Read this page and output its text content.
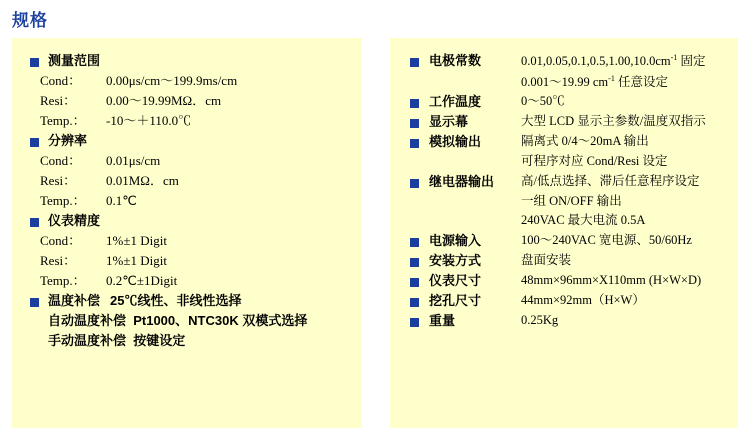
规格
测量范围
Cond：	0.00μs/cm～199.9ms/cm
Resi：	0.00～19.99MΩ．cm
Temp.：	-10～＋110.0℃
分辨率
Cond：	0.01μs/cm
Resi：	0.01MΩ．cm
Temp.：	0.1℃
仪表精度
Cond：	1%±1 Digit
Resi：	1%±1 Digit
Temp.：	0.2℃±1Digit
温度补偿 25℃线性、非线性选择
自动温度补偿  Pt1000、NTC30K 双模式选择
手动温度补偿  按键设定
电极常数	$0.01,0.05,0.1,0.5,1.00,10.0cm^{-1}$ 固定
0.001～19.99 $cm^{-1}$ 任意设定
工作温度	0～50℃
显示幕	大型 LCD 显示主参数/温度双指示
模拟输出	隔离式 0/4～20mA 输出
可程序对应 Cond/Resi 设定
继电器输出	高/低点选择、滞后任意程序设定
一组 ON/OFF 输出
240VAC 最大电流 0.5A
电源输入	100～240VAC 宽电源、50/60Hz
安装方式	盘面安装
仪表尺寸	48mm×96mm×Χ110mm (H×W×D)
挖孔尺寸	44mm×92mm（H×W）
重量	0.25Kg
